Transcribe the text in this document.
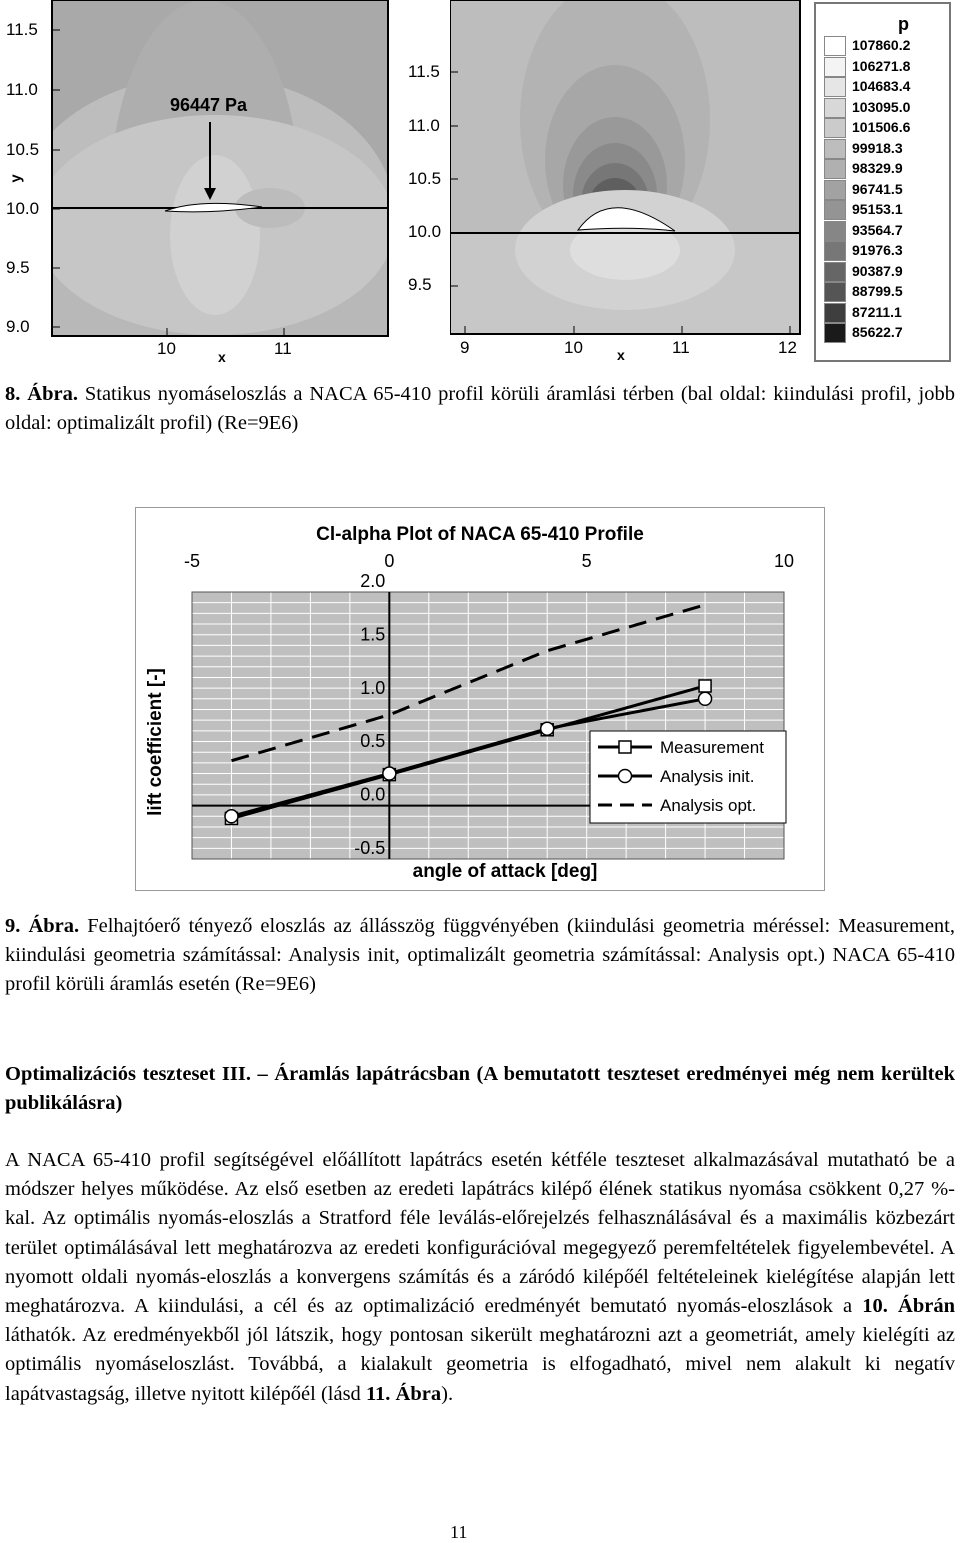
96447 Pa
11.5
11.0
10.5
10.0
9.5
9.0
y
10	11
x
11.5
11.0
10.5
10.0
9.5
9	10	11	12
x
p
107860.2
106271.8
104683.4
103095.0
101506.6
99918.3
98329.9
96741.5
95153.1
93564.7
91976.3
90387.9
88799.5
87211.1
85622.7
8. Ábra. Statikus nyomáseloszlás a NACA 65-410 profil körüli áramlási térben (bal oldal: kiindulási profil, jobb oldal: optimalizált profil) (Re=9E6)
Cl-alpha Plot of NACA 65-410 Profile
-5	0	5	10
2.0
1.5
1.0
0.5
0.0
-0.5
angle of attack [deg]
lift coefficient [-]	Measurement
Analysis init.
Analysis opt.
9. Ábra. Felhajtóerő tényező eloszlás az állásszög függvényében (kiindulási geometria méréssel: Measurement, kiindulási geometria számítással: Analysis init, optimalizált geometria számítással: Analysis opt.) NACA 65-410 profil körüli áramlás esetén (Re=9E6)
Optimalizációs teszteset III. – Áramlás lapátrácsban (A bemutatott teszteset eredményei még nem kerültek publikálásra)
A NACA 65-410 profil segítségével előállított lapátrács esetén kétféle teszteset alkalmazásával mutatható be a módszer helyes működése. Az első esetben az eredeti lapátrács kilépő élének statikus nyomása csökkent 0,27 %-kal. Az optimális nyomás-eloszlás a Stratford féle leválás-előrejelzés felhasználásával és a maximális közbezárt terület optimálásával lett meghatározva az eredeti konfigurációval megegyező peremfeltételek figyelembevétel. A nyomott oldali nyomás-eloszlás a konvergens számítás és a záródó kilépőél feltételeinek kielégítése alapján lett meghatározva. A kiindulási, a cél és az optimalizáció eredményét bemutató nyomás-eloszlások a 10. Ábrán láthatók. Az eredményekből jól látszik, hogy pontosan sikerült meghatározni azt a geometriát, amely kielégíti az optimális nyomáseloszlást. Továbbá, a kialakult geometria is elfogadható, mivel nem alakult ki negatív lapátvastagság, illetve nyitott kilépőél (lásd 11. Ábra).
11
